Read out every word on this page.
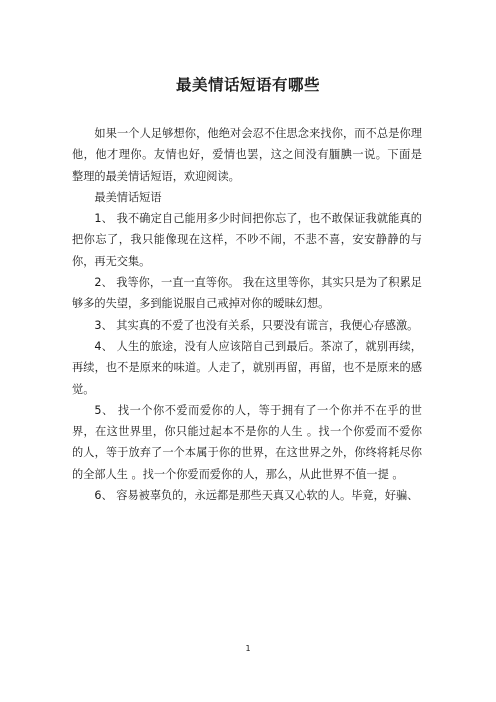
最美情话短语有哪些

如果一个人足够想你，他绝对会忍不住思念来找你，而不总是你理他，他才理你。友情也好，爱情也罢，这之间没有腼腆一说。下面是 整理的最美情话短语，欢迎阅读。

最美情话短语

1、 我不确定自己能用多少时间把你忘了，也不敢保证我就能真的把你忘了，我只能像现在这样，不吵不闹，不悲不喜，安安静静的与你，再无交集。

2、 我等你，一直一直等你。 我在这里等你，其实只是为了积累足够多的失望，多到能说服自己戒掉对你的暧昧幻想。

3、 其实真的不爱了也没有关系，只要没有谎言，我便心存感激。

4、 人生的旅途，没有人应该陪自己到最后。茶凉了，就别再续，再续，也不是原来的味道。人走了，就别再留，再留，也不是原来的感觉。

5、 找一个你不爱而爱你的人，等于拥有了一个你并不在乎的世界，在这世界里，你只能过起本不是你的人生 。找一个你爱而不爱你的人，等于放弃了一个本属于你的世界，在这世界之外，你终将耗尽你的全部人生 。找一个你爱而爱你的人，那么，从此世界不值一提 。

6、 容易被辜负的，永远都是那些天真又心软的人。毕竟，好骗、

1
